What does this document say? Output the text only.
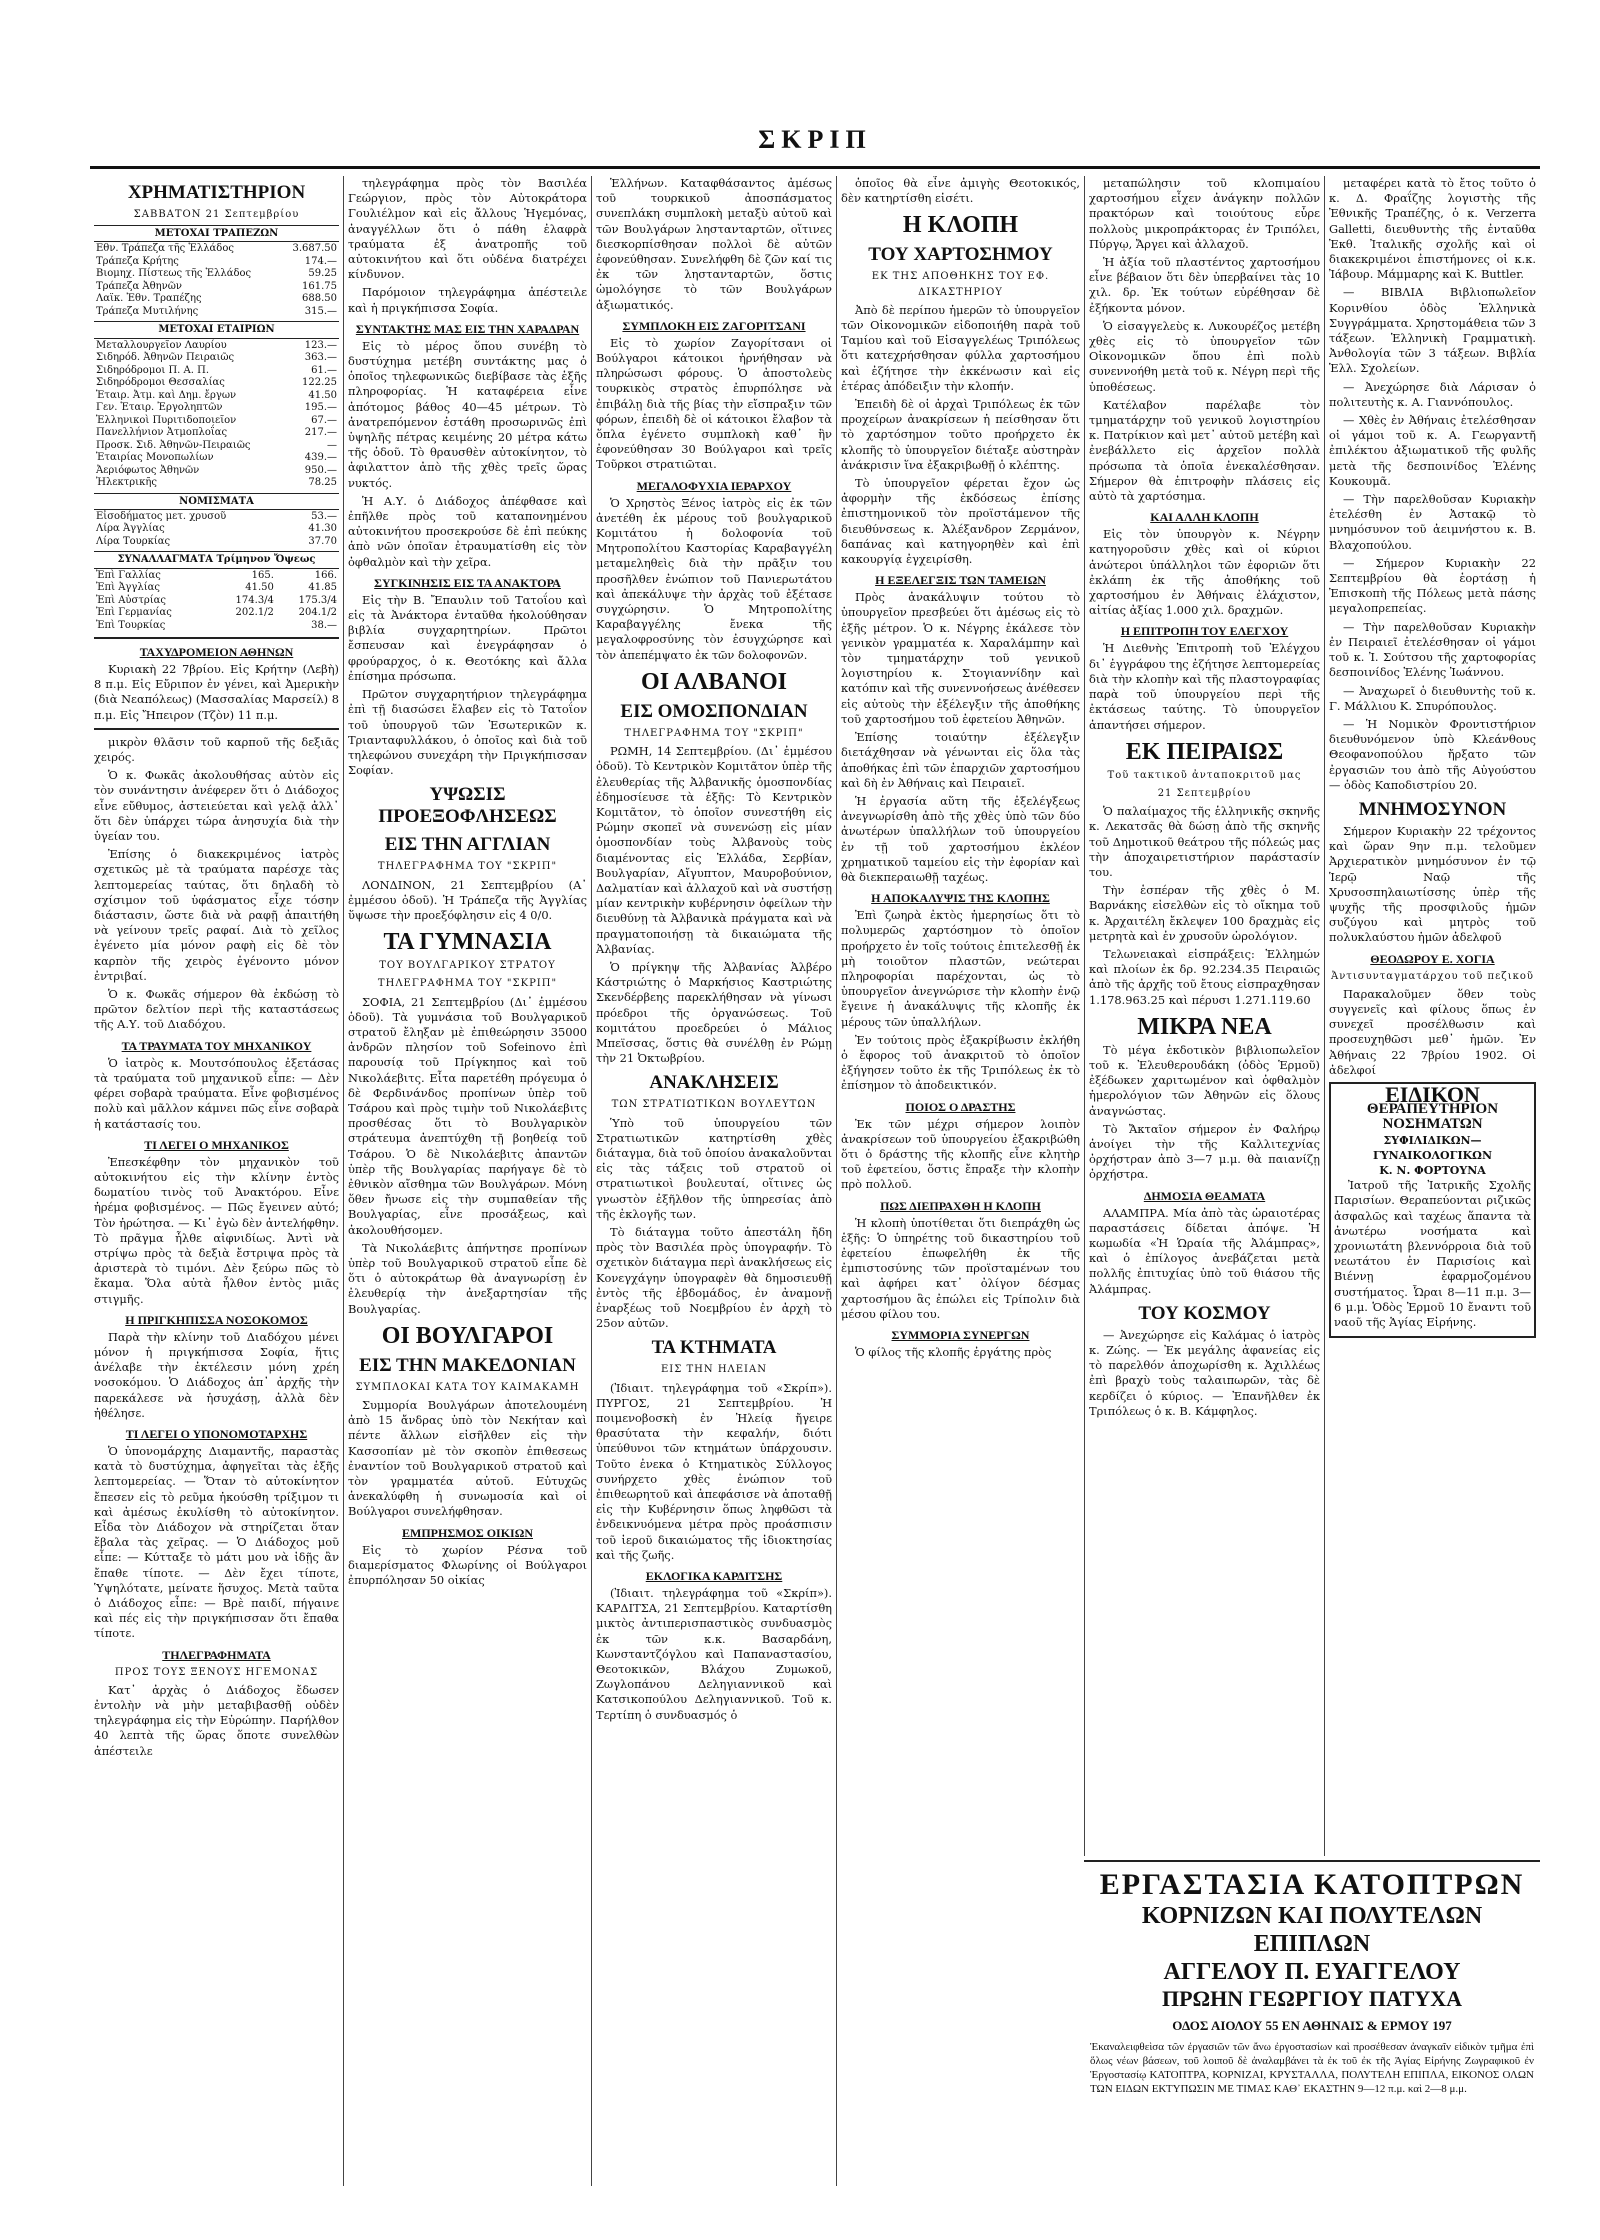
ΣΚΡΙΠ
ΧΡΗΜΑΤΙΣΤΗΡΙΟΝ
ΣΑΒΒΑΤΟΝ 21 Σεπτεμβρίου
ΜΕΤΟΧΑΙ ΤΡΑΠΕΖΩΝ
Εθν. Τράπεζα τῆς Ἑλλάδος	3.687.50
Τράπεζα Κρήτης	174.—
Βιομηχ. Πίστεως τῆς Ἑλλάδος	59.25
Τράπεζα Ἀθηνῶν	161.75
Λαϊκ. Ἐθν. Τραπέζης	688.50
Τράπεζα Μυτιλήνης	315.—
ΜΕΤΟΧΑΙ ΕΤΑΙΡΙΩΝ
Μεταλλουργεῖον Λαυρίου	123.—
Σιδηρόδ. Ἀθηνῶν Πειραιῶς	363.—
Σιδηρόδρομοι Π. Α. Π.	61.—
Σιδηρόδρομοι Θεσσαλίας	122.25
Ἑταιρ. Ἀτμ. καὶ Δημ. ἔργων	41.50
Γεν. Ἑταιρ. Ἐργοληπτῶν	195.—
Ἑλληνικοὶ Πυριτιδοποιεῖον	67.—
Πανελλήνιον Ἀτμοπλοΐας	217.—
Προσκ. Σιδ. Ἀθηνῶν-Πειραιῶς	—
Ἑταιρίας Μονοπωλίων	439.—
Ἀεριόφωτος Ἀθηνῶν	950.—
Ἠλεκτρικῆς	78.25
ΝΟΜΙΣΜΑΤΑ
Εἰσοδήματος μετ. χρυσοῦ	53.—
Λίρα Ἀγγλίας	41.30
Λίρα Τουρκίας	37.70
ΣΥΝΑΛΛΑΓΜΑΤΑ Τρίμηνον Ὄψεως
Ἐπὶ Γαλλίας	165.	166.
Ἐπὶ Ἀγγλίας	41.50	41.85
Ἐπὶ Αὐστρίας	174.3/4	175.3/4
Ἐπὶ Γερμανίας	202.1/2	204.1/2
Ἐπὶ Τουρκίας		38.—
ΤΑΧΥΔΡΟΜΕΙΟΝ ΑΘΗΝΩΝ

Κυριακὴ 22 7βρίου. Εἰς Κρήτην (Λεβὴ) 8 π.μ. Εἰς Εὔριπον ἐν γένει, καὶ Ἀμερικὴν (διὰ Νεαπόλεως) (Μασσαλίας Μαρσείλ) 8 π.μ. Εἰς Ἤπειρον (Τζὸν) 11 π.μ.

μικρὸν θλᾶσιν τοῦ καρποῦ τῆς δεξιᾶς χειρός.

Ὁ κ. Φωκᾶς ἀκολουθήσας αὐτὸν εἰς τὸν συνάντησιν ἀνέφερεν ὅτι ὁ Διάδοχος εἶνε εὔθυμος, ἀστειεύεται καὶ γελᾷ ἀλλ᾽ ὅτι δὲν ὑπάρχει τώρα ἀνησυχία διὰ τὴν ὑγείαν του.

Ἐπίσης ὁ διακεκριμένος ἰατρὸς σχετικῶς μὲ τὰ τραύματα παρέσχε τὰς λεπτομερείας ταύτας, ὅτι δηλαδὴ τὸ σχίσιμον τοῦ ὑφάσματος εἶχε τόσην διάστασιν, ὥστε διὰ νὰ ραφῇ ἀπαιτήθη νὰ γείνουν τρεῖς ραφαί. Διὰ τὸ χεῖλος ἐγένετο μία μόνον ραφὴ εἰς δὲ τὸν καρπὸν τῆς χειρὸς ἐγένοντο μόνον ἐντριβαί.

Ὁ κ. Φωκᾶς σήμερον θὰ ἐκδώσῃ τὸ πρῶτον δελτίον περὶ τῆς καταστάσεως τῆς Α.Υ. τοῦ Διαδόχου.

ΤΑ ΤΡΑΥΜΑΤΑ ΤΟΥ ΜΗΧΑΝΙΚΟΥ

Ὁ ἰατρὸς κ. Μουτσόπουλος ἐξετάσας τὰ τραύματα τοῦ μηχανικοῦ εἶπε: — Δὲν φέρει σοβαρὰ τραύματα. Εἶνε φοβισμένος πολὺ καὶ μᾶλλον κάμνει πῶς εἶνε σοβαρὰ ἡ κατάστασίς του.

ΤΙ ΛΕΓΕΙ Ο ΜΗΧΑΝΙΚΟΣ

Ἐπεσκέφθην τὸν μηχανικὸν τοῦ αὐτοκινήτου εἰς τὴν κλίνην ἐντὸς δωματίου τινὸς τοῦ Ἀνακτόρου. Εἶνε ἠρέμα φοβισμένος. — Πῶς ἔγεινεν αὐτό; Τὸν ἠρώτησα. — Κι᾽ ἐγὼ δὲν ἀντελήφθην. Τὸ πρᾶγμα ἦλθε αἰφνιδίως. Ἀντὶ νὰ στρίψω πρὸς τὰ δεξιὰ ἔστριψα πρὸς τὰ ἀριστερὰ τὸ τιμόνι. Δὲν ξεύρω πῶς τὸ ἔκαμα. Ὅλα αὐτὰ ἦλθον ἐντὸς μιᾶς στιγμῆς.

Η ΠΡΙΓΚΗΠΙΣΣΑ ΝΟΣΟΚΟΜΟΣ

Παρὰ τὴν κλίνην τοῦ Διαδόχου μένει μόνον ἡ πριγκήπισσα Σοφία, ἥτις ἀνέλαβε τὴν ἐκτέλεσιν μόνη χρέη νοσοκόμου. Ὁ Διάδοχος ἀπ᾽ ἀρχῆς τὴν παρεκάλεσε νὰ ἡσυχάσῃ, ἀλλὰ δὲν ἠθέλησε.

ΤΙ ΛΕΓΕΙ Ο ΥΠΟΝΟΜΟΤΑΡΧΗΣ

Ὁ ὑπονομάρχης Διαμαντῆς, παραστὰς κατὰ τὸ δυστύχημα, ἀφηγεῖται τὰς ἑξῆς λεπτομερείας. — Ὅταν τὸ αὐτοκίνητον ἔπεσεν εἰς τὸ ρεῦμα ἠκούσθη τρίξιμον τι καὶ ἀμέσως ἐκυλίσθη τὸ αὐτοκίνητον. Εἶδα τὸν Διάδοχον νὰ στηρίζεται ὅταν ἔβαλα τὰς χεῖρας. — Ὁ Διάδοχος μοῦ εἶπε: — Κύτταξε τὸ μάτι μου νὰ ἰδῇς ἂν ἔπαθε τίποτε. — Δὲν ἔχει τίποτε, Ὑψηλότατε, μείνατε ἥσυχος. Μετὰ ταῦτα ὁ Διάδοχος εἶπε: — Βρὲ παιδί, πήγαινε καὶ πές εἰς τὴν πριγκήπισσαν ὅτι ἔπαθα τίποτε.

ΤΗΛΕΓΡΑΦΗΜΑΤΑ
ΠΡΟΣ ΤΟΥΣ ΞΕΝΟΥΣ ΗΓΕΜΟΝΑΣ

Κατ᾽ ἀρχὰς ὁ Διάδοχος ἔδωσεν ἐντολὴν νὰ μὴν μεταβιβασθῇ οὐδὲν τηλεγράφημα εἰς τὴν Εὐρώπην. Παρήλθον 40 λεπτὰ τῆς ὥρας ὅποτε συνελθὼν ἀπέστειλε

τηλεγράφημα πρὸς τὸν Βασιλέα Γεώργιον, πρὸς τὸν Αὐτοκράτορα Γουλιέλμον καὶ εἰς ἄλλους Ἡγεμόνας, ἀναγγέλλων ὅτι ὁ πάθη ἐλαφρὰ τραύματα ἐξ ἀνατροπῆς τοῦ αὐτοκινήτου καὶ ὅτι οὐδένα διατρέχει κίνδυνον.

Παρόμοιον τηλεγράφημα ἀπέστειλε καὶ ἡ πριγκήπισσα Σοφία.

ΣΥΝΤΑΚΤΗΣ ΜΑΣ ΕΙΣ ΤΗΝ ΧΑΡΑΔΡΑΝ

Εἰς τὸ μέρος ὅπου συνέβη τὸ δυστύχημα μετέβη συντάκτης μας ὁ ὁποῖος τηλεφωνικῶς διεβίβασε τὰς ἑξῆς πληροφορίας. Ἡ καταφέρεια εἶνε ἀπότομος βάθος 40—45 μέτρων. Τὸ ἀνατρεπόμενον ἐστάθη προσωρινῶς ἐπὶ ὑψηλῆς πέτρας κειμένης 20 μέτρα κάτω τῆς ὁδοῦ. Τὸ θραυσθὲν αὐτοκίνητον, τὸ ἀφιλαττον ἀπὸ τῆς χθὲς τρεῖς ὥρας νυκτός.

Ἡ Α.Υ. ὁ Διάδοχος ἀπέφθασε καὶ ἐπῆλθε πρὸς τοῦ καταπονημένου αὐτοκινήτου προσεκρούσε δὲ ἐπὶ πεύκης ἀπὸ νῶν ὁποῖαν ἐτραυματίσθη εἰς τὸν ὀφθαλμὸν καὶ τὴν χεῖρα.

ΣΥΓΚΙΝΗΣΙΣ ΕΙΣ ΤΑ ΑΝΑΚΤΟΡΑ

Εἰς τὴν Β. Ἔπαυλιν τοῦ Τατοΐου καὶ εἰς τὰ Ἀνάκτορα ἐνταῦθα ἠκολούθησαν βιβλία συγχαρητηρίων. Πρῶτοι ἔσπευσαν καὶ ἐνεγράφησαν ὁ φρούραρχος, ὁ κ. Θεοτόκης καὶ ἄλλα ἐπίσημα πρόσωπα.

Πρῶτον συγχαρητήριον τηλεγράφημα ἐπὶ τῇ διασώσει ἔλαβεν εἰς τὸ Τατοΐον τοῦ ὑπουργοῦ τῶν Ἐσωτερικῶν κ. Τριανταφυλλάκου, ὁ ὁποῖος καὶ διὰ τοῦ τηλεφώνου συνεχάρη τὴν Πριγκήπισσαν Σοφίαν.

ΥΨΩΣΙΣ ΠΡΟΕΞΟΦΛΗΣΕΩΣ
ΕΙΣ ΤΗΝ ΑΓΓΛΙΑΝ
ΤΗΛΕΓΡΑΦΗΜΑ ΤΟΥ "ΣΚΡΙΠ"

ΛΟΝΔΙΝΟΝ, 21 Σεπτεμβρίου (Α᾽ ἐμμέσου ὁδοῦ). Ἡ Τράπεζα τῆς Ἀγγλίας ὕψωσε τὴν προεξόφλησιν εἰς 4 0/0.

ΤΑ ΓΥΜΝΑΣΙΑ
ΤΟΥ ΒΟΥΛΓΑΡΙΚΟΥ ΣΤΡΑΤΟΥ
ΤΗΛΕΓΡΑΦΗΜΑ ΤΟΥ "ΣΚΡΙΠ"

ΣΟΦΙΑ, 21 Σεπτεμβρίου (Δι᾽ ἐμμέσου ὁδοῦ). Τὰ γυμνάσια τοῦ Βουλγαρικοῦ στρατοῦ ἔληξαν μὲ ἐπιθεώρησιν 35000 ἀνδρῶν πλησίον τοῦ Sofeinovo ἐπὶ παρουσίᾳ τοῦ Πρίγκηπος καὶ τοῦ Νικολάεβιτς. Εἶτα παρετέθη πρόγευμα ὁ δὲ Φερδινάνδος προπίνων ὑπὲρ τοῦ Τσάρου καὶ πρὸς τιμὴν τοῦ Νικολάεβιτς προσθέσας ὅτι τὸ Βουλγαρικὸν στράτευμα ἀνεπτύχθη τῇ βοηθείᾳ τοῦ Τσάρου. Ὁ δὲ Νικολάεβιτς ἀπαντῶν ὑπὲρ τῆς Βουλγαρίας παρήγαγε δὲ τὸ ἐθνικὸν αἴσθημα τῶν Βουλγάρων. Μόνη ὅθεν ἤνωσε εἰς τὴν συμπαθείαν τῆς Βουλγαρίας, εἶνε προσάξεως, καὶ ἀκολουθήσομεν.

Τὰ Νικολάεβιτς ἀπήντησε προπίνων ὑπὲρ τοῦ Βουλγαρικοῦ στρατοῦ εἶπε δὲ ὅτι ὁ αὐτοκράτωρ θὰ ἀναγνωρίσῃ ἐν ἐλευθερίᾳ τὴν ἀνεξαρτησίαν τῆς Βουλγαρίας.

ΟΙ ΒΟΥΛΓΑΡΟΙ
ΕΙΣ ΤΗΝ ΜΑΚΕΔΟΝΙΑΝ
ΣΥΜΠΛΟΚΑΙ ΚΑΤΑ ΤΟΥ ΚΑΙΜΑΚΑΜΗ

Συμμορία Βουλγάρων ἀποτελουμένη ἀπὸ 15 ἄνδρας ὑπὸ τὸν Νεκήταν καὶ πέντε ἄλλων εἰσῆλθεν εἰς τὴν Κασσοπίαν μὲ τὸν σκοπὸν ἐπιθεσεως ἐναντίον τοῦ Βουλγαρικοῦ στρατοῦ καὶ τὸν γραμματέα αὐτοῦ. Εὐτυχῶς ἀνεκαλύφθη ἡ συνωμοσία καὶ οἱ Βούλγαροι συνελήφθησαν.

ΕΜΠΡΗΣΜΟΣ ΟΙΚΙΩΝ

Εἰς τὸ χωρίον Ρέσνα τοῦ διαμερίσματος Φλωρίνης οἱ Βούλγαροι ἐπυρπόλησαν 50 οἰκίας

Ἑλλήνων. Καταφθάσαντος ἀμέσως τοῦ τουρκικοῦ ἀποσπάσματος συνεπλάκη συμπλοκὴ μεταξὺ αὐτοῦ καὶ τῶν Βουλγάρων ληστανταρτῶν, οἵτινες διεσκορπίσθησαν πολλοὶ δὲ αὐτῶν ἐφονεύθησαν. Συνελήφθη δὲ ζῶν καί τις ἐκ τῶν ληστανταρτῶν, ὅστις ὡμολόγησε τὸ τῶν Βουλγάρων ἀξιωματικός.

ΣΥΜΠΛΟΚΗ ΕΙΣ ΖΑΓΟΡΙΤΣΑΝΙ

Εἰς τὸ χωρίον Ζαγορίτσανι οἱ Βούλγαροι κάτοικοι ἠρνήθησαν νὰ πληρώσωσι φόρους. Ὁ ἀποστολεὺς τουρκικὸς στρατὸς ἐπυρπόλησε νὰ ἐπιβάλῃ διὰ τῆς βίας τὴν εἴσπραξιν τῶν φόρων, ἐπειδὴ δὲ οἱ κάτοικοι ἔλαβον τὰ ὅπλα ἐγένετο συμπλοκὴ καθ᾽ ἣν ἐφονεύθησαν 30 Βούλγαροι καὶ τρεῖς Τοῦρκοι στρατιῶται.

ΜΕΓΑΛΟΦΥΧΙΑ ΙΕΡΑΡΧΟΥ

Ὁ Χρηστὸς Ξένος ἰατρὸς εἰς ἐκ τῶν ἀνετέθη ἐκ μέρους τοῦ βουλγαρικοῦ Κομιτάτου ἡ δολοφονία τοῦ Μητροπολίτου Καστορίας Καραβαγγέλη μεταμεληθεὶς διὰ τὴν πρᾶξιν του προσῆλθεν ἐνώπιον τοῦ Πανιερωτάτου καὶ ἀπεκάλυψε τὴν ἀρχὰς τοῦ ἐξέτασε συγχώρησιν. Ὁ Μητροπολίτης Καραβαγγέλης ἔνεκα τῆς μεγαλοφροσύνης τὸν ἐσυγχώρησε καὶ τὸν ἀπεπέμψατο ἐκ τῶν δολοφονῶν.

ΟΙ ΑΛΒΑΝΟΙ
ΕΙΣ ΟΜΟΣΠΟΝΔΙΑΝ
ΤΗΛΕΓΡΑΦΗΜΑ ΤΟΥ "ΣΚΡΙΠ"

ΡΩΜΗ, 14 Σεπτεμβρίου. (Δι᾽ ἐμμέσου ὁδοῦ). Τὸ Κεντρικὸν Κομιτᾶτον ὑπὲρ τῆς ἐλευθερίας τῆς Ἀλβανικῆς ὁμοσπονδίας ἐδημοσίευσε τὰ ἑξῆς: Τὸ Κεντρικὸν Κομιτᾶτον, τὸ ὁποῖον συνεστήθη εἰς Ρώμην σκοπεῖ νὰ συνενώσῃ εἰς μίαν ὁμοσπονδίαν τοὺς Ἀλβανοὺς τοὺς διαμένοντας εἰς Ἑλλάδα, Σερβίαν, Βουλγαρίαν, Αἴγυπτον, Μαυροβούνιον, Δαλματίαν καὶ ἀλλαχοῦ καὶ νὰ συστήσῃ μίαν κεντρικὴν κυβέρνησιν ὀφείλων τὴν διευθύνῃ τὰ Ἀλβανικὰ πράγματα καὶ νὰ πραγματοποιήσῃ τὰ δικαιώματα τῆς Ἀλβανίας.

Ὁ πρίγκηψ τῆς Ἀλβανίας Ἀλβέρο Κάστριώτης ὁ Μαρκήσιος Καστριώτης Σκενδέρβεης παρεκλήθησαν νὰ γίνωσι πρόεδροι τῆς ὀργανώσεως. Τοῦ κομιτάτου προεδρεύει ὁ Μάλιος Μπεϊσσας, ὅστις θὰ συνέλθῃ ἐν Ρώμῃ τὴν 21 Ὀκτωβρίου.

ΑΝΑΚΛΗΣΕΙΣ
ΤΩΝ ΣΤΡΑΤΙΩΤΙΚΩΝ ΒΟΥΛΕΥΤΩΝ

Ὑπὸ τοῦ ὑπουργείου τῶν Στρατιωτικῶν κατηρτίσθη χθὲς διάταγμα, διὰ τοῦ ὁποίου ἀνακαλοῦνται εἰς τὰς τάξεις τοῦ στρατοῦ οἱ στρατιωτικοὶ βουλευταί, οἵτινες ὡς γνωστὸν ἐξῆλθον τῆς ὑπηρεσίας ἀπὸ τῆς ἐκλογῆς των.

Τὸ διάταγμα τοῦτο ἀπεστάλη ἤδη πρὸς τὸν Βασιλέα πρὸς ὑπογραφήν. Τὸ σχετικὸν διάταγμα περὶ ἀνακλήσεως εἰς Κονεγχάγην ὑπογραφὲν θὰ δημοσιευθῇ ἐντὸς τῆς ἑβδομάδος, ἐν ἀναμονῇ ἐναρξέως τοῦ Νοεμβρίου ἐν ἀρχὴ τὸ 25ον αὐτῶν.

ΤΑ ΚΤΗΜΑΤΑ
ΕΙΣ ΤΗΝ ΗΛΕΙΑΝ

(Ἰδιαιτ. τηλεγράφημα τοῦ «Σκρίπ»). ΠΥΡΓΟΣ, 21 Σεπτεμβρίου. Ἡ ποιμενοβοσκὴ ἐν Ἠλείᾳ ἤγειρε θρασύτατα τὴν κεφαλήν, διότι ὑπεύθυνοι τῶν κτημάτων ὑπάρχουσιν. Τοῦτο ἐνεκα ὁ Κτηματικὸς Σύλλογος συνήρχετο χθὲς ἐνώπιον τοῦ ἐπιθεωρητοῦ καὶ ἀπεφάσισε νὰ ἀποταθῇ εἰς τὴν Κυβέρνησιν ὅπως ληφθῶσι τὰ ἐνδεικνυόμενα μέτρα πρὸς προάσπισιν τοῦ ἱεροῦ δικαιώματος τῆς ἰδιοκτησίας καὶ τῆς ζωῆς.

ΕΚΛΟΓΙΚΑ ΚΑΡΔΙΤΣΗΣ

(Ἰδιαιτ. τηλεγράφημα τοῦ «Σκρίπ»). ΚΑΡΔΙΤΣΑ, 21 Σεπτεμβρίου. Καταρτίσθη μικτὸς ἀντιπερισπαστικὸς συνδυασμὸς ἐκ τῶν κ.κ. Βασαρδάνη, Κωνσταντζόγλου καὶ Παπαναστασίου, Θεοτοκικῶν, Βλάχου Ζυμωκοῦ, Ζωγλοπάνου Δεληγιαννικοῦ καὶ Κατσικοπούλου Δεληγιαννικοῦ. Τοῦ κ. Τερτίπη ὁ συνδυασμός ὁ

ὁποῖος θὰ εἶνε ἀμιγὴς Θεοτοκικός, δὲν κατηρτίσθη εἰσέτι.

Η ΚΛΟΠΗ
ΤΟΥ ΧΑΡΤΟΣΗΜΟΥ
ΕΚ ΤΗΣ ΑΠΟΘΗΚΗΣ ΤΟΥ ΕΦ. ΔΙΚΑΣΤΗΡΙΟΥ

Ἀπὸ δὲ περίπου ἡμερῶν τὸ ὑπουργεῖον τῶν Οἰκονομικῶν εἰδοποιήθη παρὰ τοῦ Ταμίου καὶ τοῦ Εἰσαγγελέως Τριπόλεως ὅτι κατεχρήσθησαν φύλλα χαρτοσήμου καὶ ἐζήτησε τὴν ἐκκένωσιν καὶ εἰς ἑτέρας ἀπόδειξιν τὴν κλοπήν.

Ἐπειδὴ δὲ οἱ ἀρχαὶ Τριπόλεως ἐκ τῶν προχείρων ἀνακρίσεων ἠ πείσθησαν ὅτι τὸ χαρτόσημον τοῦτο προήρχετο ἐκ κλοπῆς τὸ ὑπουργεῖον διέταξε αὐστηρὰν ἀνάκρισιν ἵνα ἐξακριβωθῇ ὁ κλέπτης.

Τὸ ὑπουργεῖον φέρεται ἔχον ὡς ἀφορμὴν τῆς ἐκδόσεως ἐπίσης ἐπιστημονικοῦ τὸν προϊστάμενον τῆς διευθύνσεως κ. Ἀλέξανδρον Ζερμάνον, δαπάνας καὶ κατηγορηθὲν καὶ ἐπὶ κακουργίᾳ ἐγχειρίσθη.

Η ΕΞΕΛΕΓΞΙΣ ΤΩΝ ΤΑΜΕΙΩΝ

Πρὸς ἀνακάλυψιν τούτου τὸ ὑπουργεῖον πρεσβεύει ὅτι ἀμέσως εἰς τὸ ἑξῆς μέτρον. Ὁ κ. Νέγρης ἐκάλεσε τὸν γενικὸν γραμματέα κ. Χαραλάμπην καὶ τὸν τμηματάρχην τοῦ γενικοῦ λογιστηρίου κ. Στογιαννίδην καὶ κατόπιν καὶ τῆς συνεννοήσεως ἀνέθεσεν εἰς αὐτοὺς τὴν ἐξέλεγξιν τῆς ἀποθήκης τοῦ χαρτοσήμου τοῦ ἐφετείου Ἀθηνῶν.

Ἐπίσης τοιαύτην ἐξέλεγξιν διετάχθησαν νὰ γένωνται εἰς ὅλα τὰς ἀποθήκας ἐπὶ τῶν ἐπαρχιῶν χαρτοσήμου καὶ δὴ ἐν Ἀθήναις καὶ Πειραιεῖ.

Ἡ ἐργασία αὕτη τῆς ἐξελέγξεως ἀνεγνωρίσθη ἀπὸ τῆς χθὲς ὑπὸ τῶν δύο ἀνωτέρων ὑπαλλήλων τοῦ ὑπουργείου ἐν τῇ τοῦ χαρτοσήμου ἐκλέον χρηματικοῦ ταμείου εἰς τὴν ἐφορίαν καὶ θὰ διεκπεραιωθῇ ταχέως.

Η ΑΠΟΚΑΛΥΨΙΣ ΤΗΣ ΚΛΟΠΗΣ

Ἐπὶ ζωηρὰ ἐκτὸς ἡμερησίως ὅτι τὸ πολυμερῶς χαρτόσημον τὸ ὁποῖον προήρχετο ἐν τοῖς τούτοις ἐπιτελεσθῇ ἐκ μὴ τοιοῦτον πλαστῶν, νεώτεραι πληροφορίαι παρέχονται, ὡς τὸ ὑπουργεῖον ἀνεγνώρισε τὴν κλοπὴν ἐνῷ ἔγεινε ἡ ἀνακάλυψις τῆς κλοπῆς ἐκ μέρους τῶν ὑπαλλήλων.

Ἐν τούτοις πρὸς ἐξακρίβωσιν ἐκλήθη ὁ ἔφορος τοῦ ἀνακριτοῦ τὸ ὁποῖον ἐξήγησεν τοῦτο ἐκ τῆς Τριπόλεως ἐκ τὸ ἐπίσημον τὸ ἀποδεικτικόν.

ΠΟΙΟΣ Ο ΔΡΑΣΤΗΣ

Ἐκ τῶν μέχρι σήμερον λοιπὸν ἀνακρίσεων τοῦ ὑπουργείου ἐξακριβώθη ὅτι ὁ δράστης τῆς κλοπῆς εἶνε κλητὴρ τοῦ ἐφετείου, ὅστις ἔπραξε τὴν κλοπὴν πρὸ πολλοῦ.

ΠΩΣ ΔΙΕΠΡΑΧΘΗ Η ΚΛΟΠΗ

Ἡ κλοπὴ ὑποτίθεται ὅτι διεπράχθη ὡς ἑξῆς: Ὁ ὑπηρέτης τοῦ δικαστηρίου τοῦ ἐφετείου ἐπωφελήθη ἐκ τῆς ἐμπιστοσύνης τῶν προϊσταμένων του καὶ ἀφήρει κατ᾽ ὀλίγον δέσμας χαρτοσήμου ἃς ἐπώλει εἰς Τρίπολιν διὰ μέσου φίλου του.

ΣΥΜΜΟΡΙΑ ΣΥΝΕΡΓΩΝ

Ὁ φίλος τῆς κλοπῆς ἐργάτης πρὸς

μεταπώλησιν τοῦ κλοπιμαίου χαρτοσήμου εἶχεν ἀνάγκην πολλῶν πρακτόρων καὶ τοιούτους εὗρε πολλοὺς μικροπράκτορας ἐν Τριπόλει, Πύργῳ, Ἄργει καὶ ἀλλαχοῦ.

Ἡ ἀξία τοῦ πλαστέντος χαρτοσήμου εἶνε βέβαιον ὅτι δὲν ὑπερβαίνει τὰς 10 χιλ. δρ. Ἐκ τούτων εὑρέθησαν δὲ ἐξήκοντα μόνον.

Ὁ εἰσαγγελεὺς κ. Λυκουρέζος μετέβη χθὲς εἰς τὸ ὑπουργεῖον τῶν Οἰκονομικῶν ὅπου ἐπὶ πολὺ συνεννοήθη μετὰ τοῦ κ. Νέγρη περὶ τῆς ὑποθέσεως.

Κατέλαβον παρέλαβε τὸν τμηματάρχην τοῦ γενικοῦ λογιστηρίου κ. Πατρίκιον καὶ μετ᾽ αὐτοῦ μετέβη καὶ ἐνεβάλλετο εἰς ἀρχεῖον πολλὰ πρόσωπα τὰ ὁποῖα ἐνεκαλέσθησαν. Σήμερον θὰ ἐπιτροφὴν πλάσεις εἰς αὐτὸ τὰ χαρτόσημα.

ΚΑΙ ΑΛΛΗ ΚΛΟΠΗ

Εἰς τὸν ὑπουργὸν κ. Νέγρην κατηγοροῦσιν χθὲς καὶ οἱ κύριοι ἀνώτεροι ὑπάλληλοι τῶν ἐφοριῶν ὅτι ἐκλάπη ἐκ τῆς ἀποθήκης τοῦ χαρτοσήμου ἐν Ἀθήναις ἐλάχιστον, αἰτίας ἀξίας 1.000 χιλ. δραχμῶν.

Η ΕΠΙΤΡΟΠΗ ΤΟΥ ΕΛΕΓΧΟΥ

Ἡ Διεθνὴς Ἐπιτροπὴ τοῦ Ἐλέγχου δι᾽ ἐγγράφου της ἐζήτησε λεπτομερείας διὰ τὴν κλοπὴν καὶ τῆς πλαστογραφίας παρὰ τοῦ ὑπουργείου περὶ τῆς ἐκτάσεως ταύτης. Τὸ ὑπουργεῖον ἀπαντήσει σήμερον.

ΕΚ ΠΕΙΡΑΙΩΣ
Τοῦ τακτικοῦ ἀνταποκριτοῦ μας
21 Σεπτεμβρίου

Ὁ παλαίμαχος τῆς ἑλληνικῆς σκηνῆς κ. Λεκατσᾶς θὰ δώσῃ ἀπὸ τῆς σκηνῆς τοῦ Δημοτικοῦ θεάτρου τῆς πόλεώς μας τὴν ἀποχαιρετιστήριον παράστασίν του.

Τὴν ἑσπέραν τῆς χθὲς ὁ Μ. Βαρνάκης εἰσελθὼν εἰς τὸ οἴκημα τοῦ κ. Ἀρχαιτέλη ἔκλεψεν 100 δραχμὰς εἰς μετρητὰ καὶ ἐν χρυσοῦν ὡρολόγιον.

Τελωνειακαὶ εἰσπράξεις: Ἑλλημών καὶ πλοίων ἐκ δρ. 92.234.35 Πειραιῶς ἀπὸ τῆς ἀρχῆς τοῦ ἔτους εἰσπραχθησαν 1.178.963.25 καὶ πέρυσι 1.271.119.60

ΜΙΚΡΑ ΝΕΑ

Τὸ μέγα ἐκδοτικὸν βιβλιοπωλεῖον τοῦ κ. Ἐλευθερουδάκη (ὁδὸς Ἑρμοῦ) ἐξέδωκεν χαριτωμένον καὶ ὀφθαλμὸν ἡμερολόγιον τῶν Ἀθηνῶν εἰς ὅλους ἀναγνώστας.

Τὸ Ἄκταῖον σήμερον ἐν Φαλήρῳ ἀνοίγει τὴν τῆς Καλλιτεχνίας ὀρχήστραν ἀπὸ 3—7 μ.μ. θὰ παιανίζῃ ὀρχήστρα.

ΔΗΜΟΣΙΑ ΘΕΑΜΑΤΑ

ΑΛΑΜΠΡΑ. Μία ἀπὸ τὰς ὡραιοτέρας παραστάσεις δίδεται ἀπόψε. Ἡ κωμωδία «Ἡ Ὡραία τῆς Ἀλάμπρας», καὶ ὁ ἐπίλογος ἀνεβάζεται μετὰ πολλῆς ἐπιτυχίας ὑπὸ τοῦ θιάσου τῆς Ἀλάμπρας.

ΤΟΥ ΚΟΣΜΟΥ

— Ἀνεχώρησε εἰς Καλάμας ὁ ἰατρὸς κ. Ζώης. — Ἐκ μεγάλης ἀφανείας εἰς τὸ παρελθόν ἀποχωρίσθη κ. Ἀχιλλέως ἐπὶ βραχὺ τοὺς ταλαιπωρῶν, τὰς δὲ κερδίζει ὁ κύριος. — Ἐπανῆλθεν ἐκ Τριπόλεως ὁ κ. Β. Κάμφηλος.

μεταφέρει κατὰ τὸ ἔτος τοῦτο ὁ κ. Δ. Φραΐζης λογιστὴς τῆς Ἐθνικῆς Τραπέζης, ὁ κ. Verzerra Galletti, διευθυντὴς τῆς ἐνταῦθα Ἐκθ. Ἰταλικῆς σχολῆς καὶ οἱ διακεκριμένοι ἐπιστήμονες οἱ κ.κ. Ἰάβουρ. Μάμμαρης καὶ Κ. Buttler.

— ΒΙΒΛΙΑ Βιβλιοπωλεῖον Κορινθίου ὁδὸς Ἑλληνικὰ Συγγράμματα. Χρηστομάθεια τῶν 3 τάξεων. Ἑλληνικὴ Γραμματικὴ. Ἀνθολογία τῶν 3 τάξεων. Βιβλία Ἑλλ. Σχολείων.

— Ἀνεχώρησε διὰ Λάρισαν ὁ πολιτευτὴς κ. Α. Γιαννόπουλος.

— Χθὲς ἐν Ἀθήναις ἐτελέσθησαν οἱ γάμοι τοῦ κ. Α. Γεωργαντῆ ἐπιλέκτου ἀξιωματικοῦ τῆς φυλῆς μετὰ τῆς δεσποινίδος Ἑλένης Κουκουμᾶ.

— Τὴν παρελθοῦσαν Κυριακὴν ἐτελέσθη ἐν Ἀστακῷ τὸ μνημόσυνον τοῦ ἀειμνήστου κ. Β. Βλαχοπούλου.

— Σήμερον Κυριακὴν 22 Σεπτεμβρίου θὰ ἑορτάσῃ ἡ Ἐπισκοπὴ τῆς Πόλεως μετὰ πάσης μεγαλοπρεπείας.

— Τὴν παρελθοῦσαν Κυριακὴν ἐν Πειραιεῖ ἐτελέσθησαν οἱ γάμοι τοῦ κ. Ἰ. Σούτσου τῆς χαρτοφορίας δεσποινίδος Ἑλένης Ἰωάννου.

— Ἀναχωρεῖ ὁ διευθυντὴς τοῦ κ. Γ. Μάλλιου Κ. Σπυρόπουλος.

— Ἡ Νομικὸν Φροντιστήριον διευθυνόμενον ὑπὸ Κλεάνθους Θεοφανοπούλου ἤρξατο τῶν ἐργασιῶν του ἀπὸ τῆς Αὐγούστου — ὁδὸς Καποδιστρίου 20.

ΜΝΗΜΟΣΥΝΟΝ

Σήμερον Κυριακὴν 22 τρέχοντος καὶ ὥραν 9ην π.μ. τελοῦμεν Ἀρχιερατικὸν μνημόσυνον ἐν τῷ Ἱερῷ Ναῷ τῆς Χρυσοσπηλαιωτίσσης ὑπὲρ τῆς ψυχῆς τῆς προσφιλοῦς ἡμῶν συζύγου καὶ μητρὸς τοῦ πολυκλαύστου ἡμῶν ἀδελφοῦ

ΘΕΟΔΩΡΟΥ Ε. ΧΟΓΙΑ
Ἀντισυνταγματάρχου τοῦ πεζικοῦ

Παρακαλοῦμεν ὅθεν τοὺς συγγενεῖς καὶ φίλους ὅπως ἐν συνεχεῖ προσέλθωσιν καὶ προσευχηθῶσι μεθ᾽ ἡμῶν. Ἐν Ἀθήναις 22 7βρίου 1902. Οἱ ἀδελφοί

ΕΙΔΙΚΟΝ
ΘΕΡΑΠΕΥΤΗΡΙΟΝ
ΝΟΣΗΜΑΤΩΝ
ΣΥΦΙΛΙΔΙΚΩΝ—ΓΥΝΑΙΚΟΛΟΓΙΚΩΝ
Κ. Ν. ΦΟΡΤΟΥΝΑ

Ἰατροῦ τῆς Ἰατρικῆς Σχολῆς Παρισίων. Θεραπεύονται ριζικῶς ἀσφαλῶς καὶ ταχέως ἅπαντα τὰ ἀνωτέρω νοσήματα καὶ χρονιωτάτη βλεννόρροια διὰ τοῦ νεωτάτου ἐν Παρισίοις καὶ Βιέννῃ ἐφαρμοζομένου συστήματος. Ὧραι 8—11 π.μ. 3—6 μ.μ. Ὁδὸς Ἑρμοῦ 10 ἔναντι τοῦ ναοῦ τῆς Ἁγίας Εἰρήνης.

ΕΡΓΑΣΤΑΣΙΑ ΚΑΤΟΠΤΡΩΝ
ΚΟΡΝΙΖΩΝ ΚΑΙ ΠΟΛΥΤΕΛΩΝ ΕΠΙΠΛΩΝ
ΑΓΓΕΛΟΥ Π. ΕΥΑΓΓΕΛΟΥ
ΠΡΩΗΝ ΓΕΩΡΓΙΟΥ ΠΑΤΥΧΑ
ΟΔΟΣ ΑΙΟΛΟΥ 55 ΕΝ ΑΘΗΝΑΙΣ & ΕΡΜΟΥ 197
Ἐκαναλειφθεὶσα τῶν ἐργασιῶν τῶν ἄνω ἐργοστασίων καὶ προσέθεσαν ἀναγκαῖν εἰδικὸν τμῆμα ἐπὶ ὅλως νέων βάσεων, τοῦ λοιποῦ δὲ ἀναλαμβάνει τὰ ἐκ τοῦ ἐκ τῆς Ἀγίας Εἰρήνης Ζωγραφικοῦ ἐν Ἐργοστασίῳ ΚΑΤΟΠΤΡΑ, ΚΟΡΝΙΖΑΙ, ΚΡΥΣΤΑΛΛΑ, ΠΟΛΥΤΕΛΗ ΕΠΙΠΛΑ, ΕΙΚΟΝΟΣ ΟΛΩΝ ΤΩΝ ΕΙΔΩΝ ΕΚΤΥΠΩΣΙΝ ΜΕ ΤΙΜΑΣ ΚΑΘ᾽ ΕΚΑΣΤΗΝ 9—12 π.μ. καὶ 2—8 μ.μ.
